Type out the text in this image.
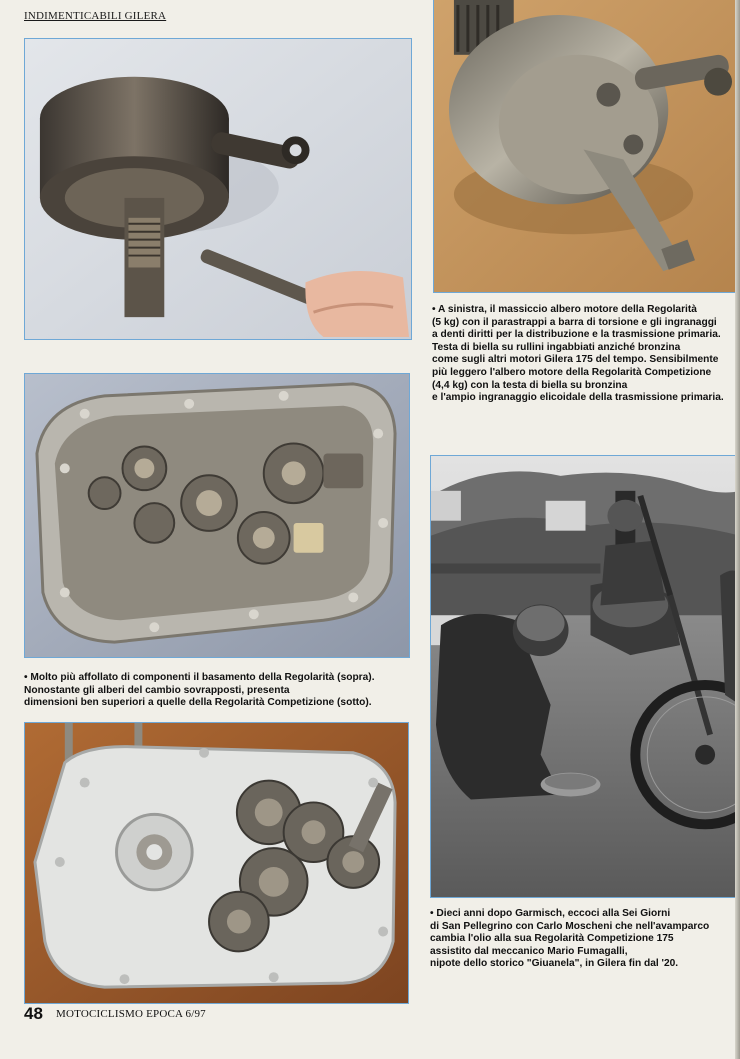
INDIMENTICABILI GILERA
• A sinistra, il massiccio albero motore della Regolarità
(5 kg) con il parastrappi a barra di torsione e gli ingranaggi
a denti diritti per la distribuzione e la trasmissione primaria.
Testa di biella su rullini ingabbiati anziché bronzina
come sugli altri motori Gilera 175 del tempo. Sensibilmente
più leggero l'albero motore della Regolarità Competizione
(4,4 kg) con la testa di biella su bronzina
e l'ampio ingranaggio elicoidale della trasmissione primaria.
• Molto più affollato di componenti il basamento della Regolarità (sopra).
Nonostante gli alberi del cambio sovrapposti, presenta
dimensioni ben superiori a quelle della Regolarità Competizione (sotto).
• Dieci anni dopo Garmisch, eccoci alla Sei Giorni
di San Pellegrino con Carlo Moscheni che nell'avamparco
cambia l'olio alla sua Regolarità Competizione 175
assistito dal meccanico Mario Fumagalli,
nipote dello storico "Giuanela", in Gilera fin dal '20.
48 MOTOCICLISMO EPOCA 6/97
